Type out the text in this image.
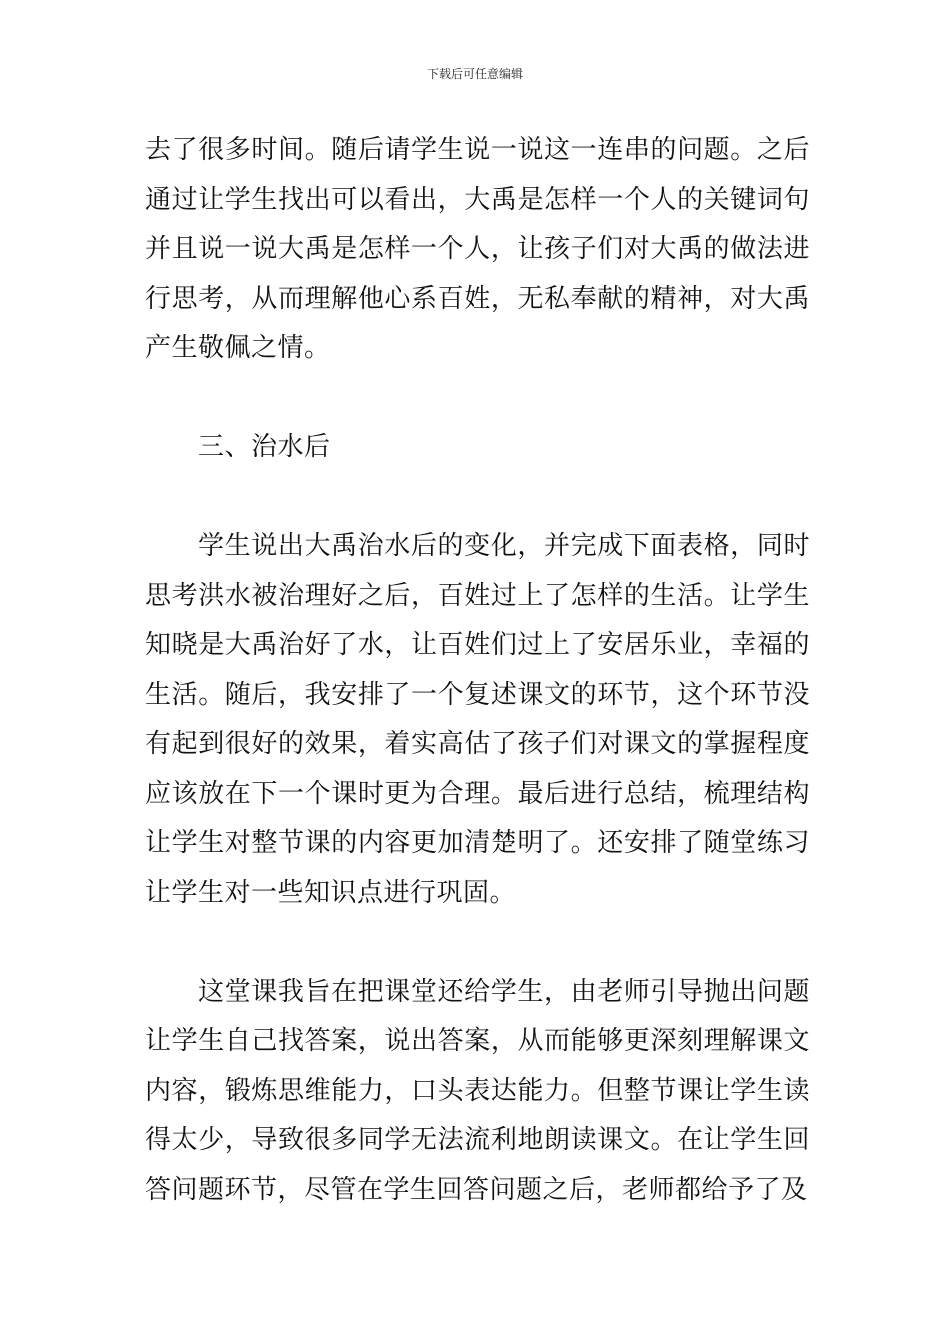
下载后可任意编辑

去了很多时间。随后请学生说一说这一连串的问题。之后通过让学生找出可以看出，大禹是怎样一个人的关键词句并且说一说大禹是怎样一个人，让孩子们对大禹的做法进行思考，从而理解他心系百姓，无私奉献的精神，对大禹产生敬佩之情。

三、治水后

学生说出大禹治水后的变化，并完成下面表格，同时思考洪水被治理好之后，百姓过上了怎样的生活。让学生知晓是大禹治好了水，让百姓们过上了安居乐业，幸福的生活。随后，我安排了一个复述课文的环节，这个环节没有起到很好的效果，着实高估了孩子们对课文的掌握程度应该放在下一个课时更为合理。最后进行总结，梳理结构让学生对整节课的内容更加清楚明了。还安排了随堂练习让学生对一些知识点进行巩固。

这堂课我旨在把课堂还给学生，由老师引导抛出问题让学生自己找答案，说出答案，从而能够更深刻理解课文内容，锻炼思维能力，口头表达能力。但整节课让学生读得太少，导致很多同学无法流利地朗读课文。在让学生回答问题环节，尽管在学生回答问题之后，老师都给予了及
